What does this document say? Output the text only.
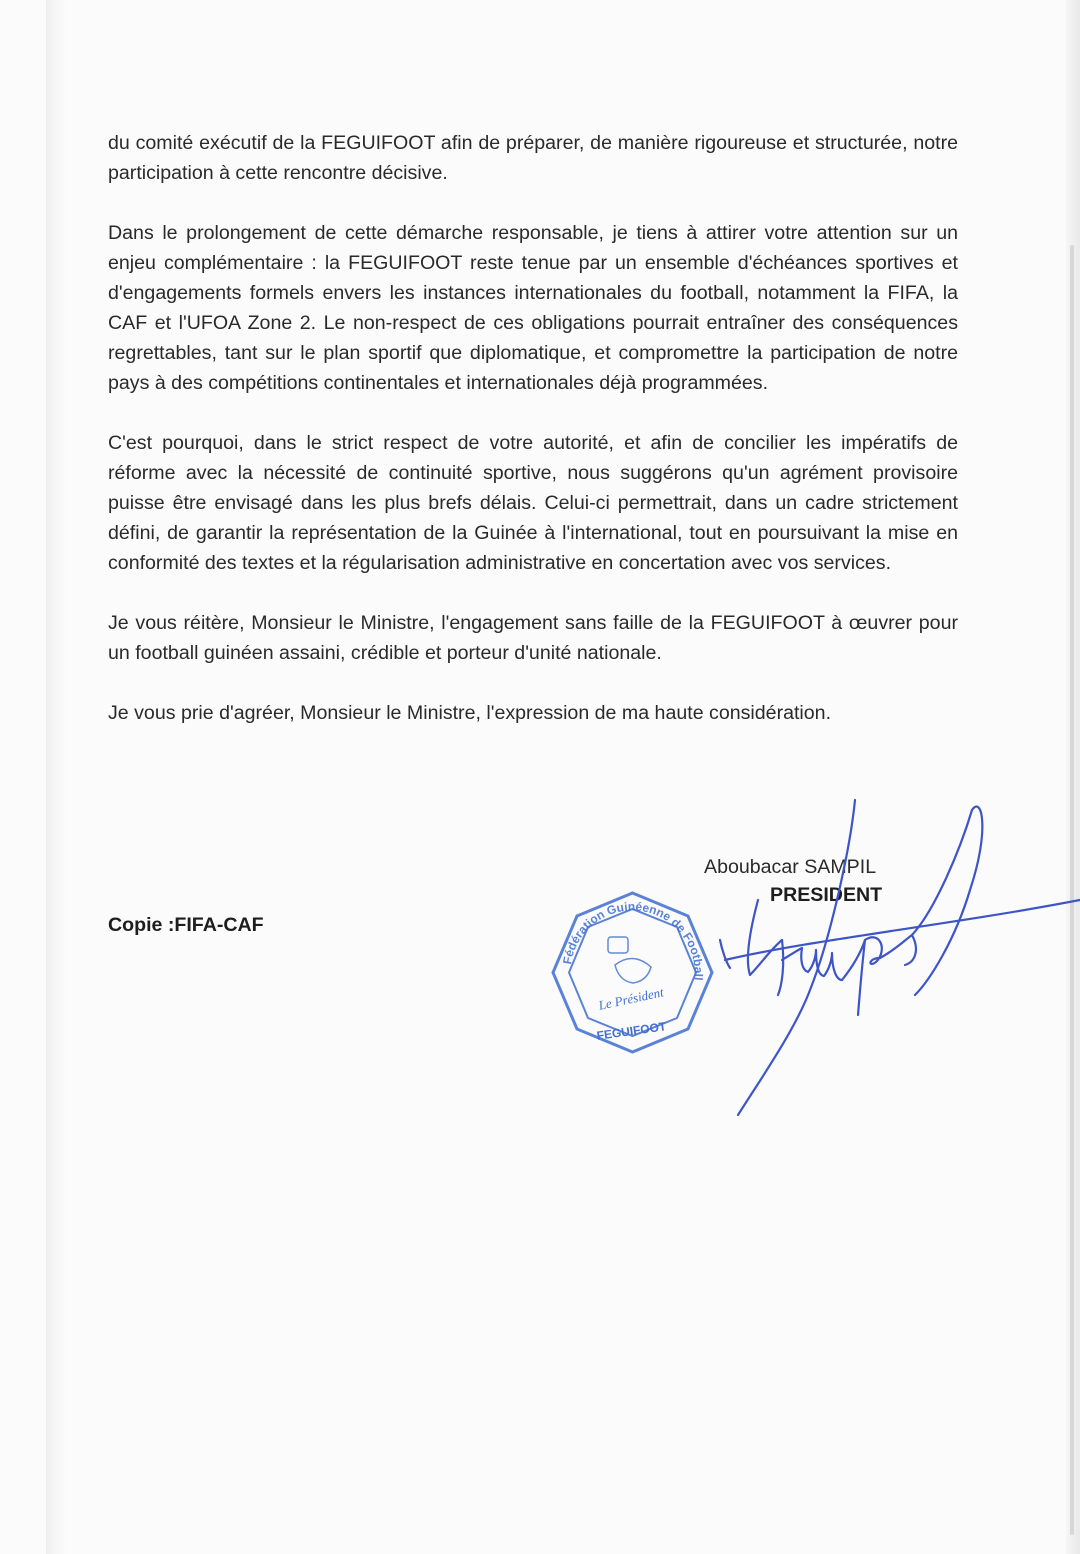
du comité exécutif de la FEGUIFOOT afin de préparer, de manière rigoureuse et structurée, notre participation à cette rencontre décisive.

Dans le prolongement de cette démarche responsable, je tiens à attirer votre attention sur un enjeu complémentaire : la FEGUIFOOT reste tenue par un ensemble d'échéances sportives et d'engagements formels envers les instances internationales du football, notamment la FIFA, la CAF et l'UFOA Zone 2. Le non-respect de ces obligations pourrait entraîner des conséquences regrettables, tant sur le plan sportif que diplomatique, et compromettre la participation de notre pays à des compétitions continentales et internationales déjà programmées.

C'est pourquoi, dans le strict respect de votre autorité, et afin de concilier les impératifs de réforme avec la nécessité de continuité sportive, nous suggérons qu'un agrément provisoire puisse être envisagé dans les plus brefs délais. Celui-ci permettrait, dans un cadre strictement défini, de garantir la représentation de la Guinée à l'international, tout en poursuivant la mise en conformité des textes et la régularisation administrative en concertation avec vos services.

Je vous réitère, Monsieur le Ministre, l'engagement sans faille de la FEGUIFOOT à œuvrer pour un football guinéen assaini, crédible et porteur d'unité nationale.

Je vous prie d'agréer, Monsieur le Ministre, l'expression de ma haute considération.

Aboubacar SAMPIL
PRESIDENT
Copie :FIFA-CAF
Fédération Guinéenne de Football
Le Président
FEGUIFOOT
